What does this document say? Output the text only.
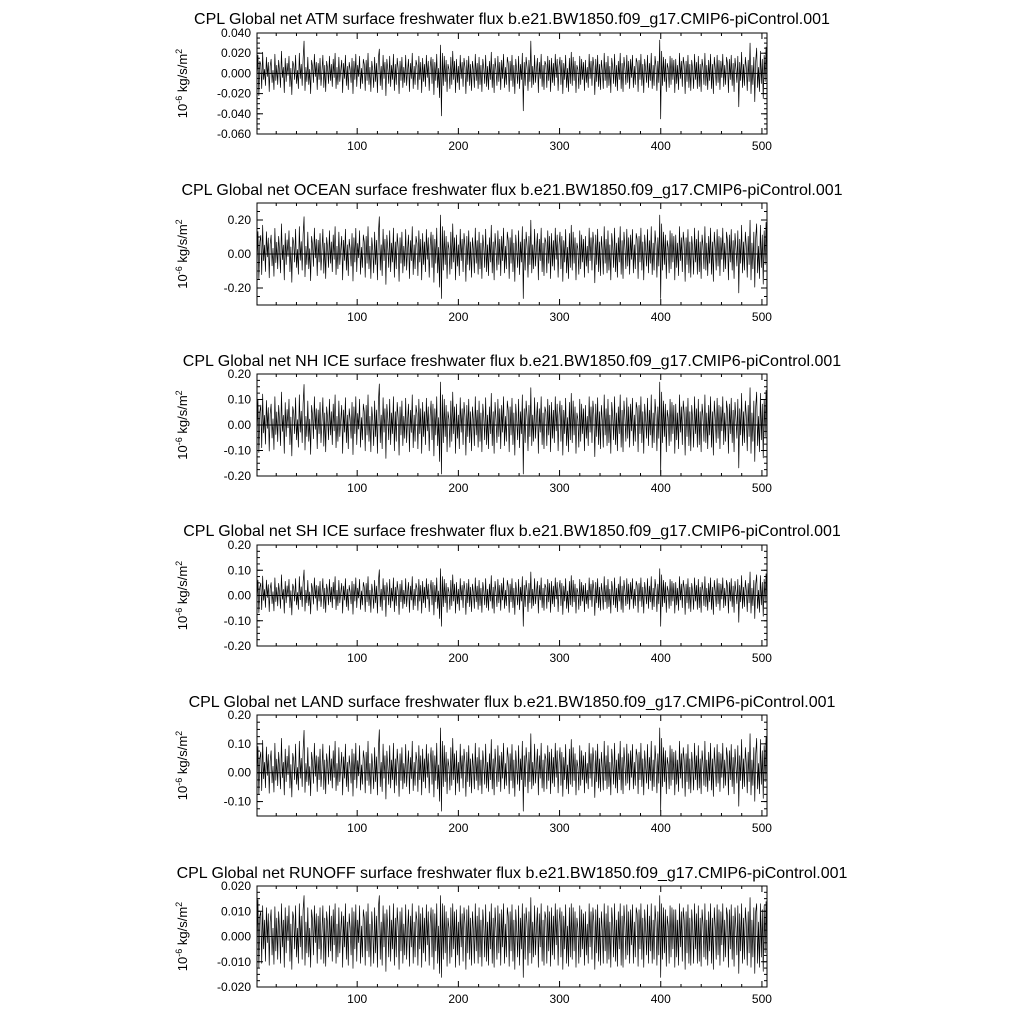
CPL Global net ATM surface freshwater flux b.e21.BW1850.f09_g17.CMIP6-piControl.001
-0.060
-0.040
-0.020
0.000
0.020
0.040
100	200	300	400	500
$10^{-6}$ $kg/s/m^2$
CPL Global net OCEAN surface freshwater flux b.e21.BW1850.f09_g17.CMIP6-piControl.001
-0.20
0.00
0.20
100	200	300	400	500
$10^{-6}$ $kg/s/m^2$
CPL Global net NH ICE surface freshwater flux b.e21.BW1850.f09_g17.CMIP6-piControl.001
-0.20
-0.10
0.00
0.10
0.20
100	200	300	400	500
$10^{-6}$ $kg/s/m^2$
CPL Global net SH ICE surface freshwater flux b.e21.BW1850.f09_g17.CMIP6-piControl.001
-0.20
-0.10
0.00
0.10
0.20
100	200	300	400	500
$10^{-6}$ $kg/s/m^2$
CPL Global net LAND surface freshwater flux b.e21.BW1850.f09_g17.CMIP6-piControl.001
-0.10
0.00
0.10
0.20
100	200	300	400	500
$10^{-6}$ $kg/s/m^2$
CPL Global net RUNOFF surface freshwater flux b.e21.BW1850.f09_g17.CMIP6-piControl.001
-0.020
-0.010
0.000
0.010
0.020
100	200	300	400	500
$10^{-6}$ $kg/s/m^2$
